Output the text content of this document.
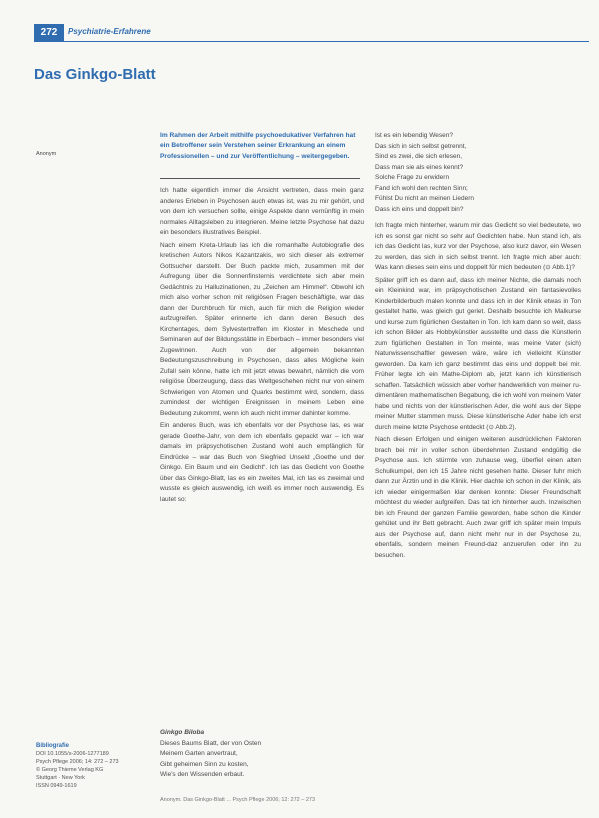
272	Psychiatrie-Erfahrene
Das Ginkgo-Blatt
Anonym

Im Rahmen der Arbeit mithilfe psychoedukativer Verfahren hat ein Betroffener sein Verstehen seiner Erkrankung an einem Professionellen – und zur Veröffentlichung – weitergegeben.

Ich hatte eigentlich immer die Ansicht vertreten, dass mein ganz anderes Erleben in Psychosen auch etwas ist, was zu mir gehört, und von dem ich versuchen sollte, einige Aspekte dann vernünftig in mein normales Alltagsleben zu integrieren. Meine letzte Psychose hat dazu ein besonders illustratives Beispiel.

Nach einem Kreta-Urlaub las ich die romanhafte Autobiografie des kretischen Autors Nikos Kazantzakis, wo sich dieser als extremer Gottsucher darstellt. Der Buch packte mich, zusammen mit der Aufregung über die Sonnenfinsternis verdichtete sich aber mein Gedächtnis zu Halluzinationen, zu „Zeichen am Himmel“. Obwohl ich mich also vorher schon mit religiösen Fragen beschäftigte, war das dann der Durchbruch für mich, auch für mich die Religion wieder aufzugreifen. Später erinnerte ich dann deren Besuch des Kirchentages, dem Sylvestertreffen im Kloster in Meschede und Seminaren auf der Bildungsstätte in Eberbach – immer besonders viel Zugewinnen. Auch von der allgemein bekannten Bedeutungszuschreibung in Psychosen, dass alles Mögliche kein Zufall sein könne, hatte ich mit jetzt etwas bewahrt, nämlich die vom religiöse Überzeugung, dass das Weltgeschehen nicht nur von einem Schwierigen von Atomen und Quarks bestimmt wird, sondern, dass zumindest der wichtigen Ereignissen in meinem Leben eine Bedeutung zukommt, wenn ich auch nicht immer dahinter komme.

Ein anderes Buch, was ich ebenfalls vor der Psychose las, es war gerade Goethe-Jahr, von dem ich ebenfalls gepackt war – ich war damals im präpsychotischen Zustand wohl auch empfänglich für Eindrücke – war das Buch von Siegfried Unseld „Goethe und der Ginkgo. Ein Baum und ein Gedicht“. Ich las das Gedicht von Goethe über das Ginkgo-Blatt, las es ein zweites Mal, ich las es zweimal und wusste es gleich auswendig, ich weiß es immer noch auswendig. Es lautet so:

Ginkgo Biloba

Dieses Baums Blatt, der von Osten

Meinem Garten anvertraut,

Gibt geheimen Sinn zu kosten,

Wie's den Wissenden erbaut.

Ist es ein lebendig Wesen?

Das sich in sich selbst getrennt,

Sind es zwei, die sich erlesen,

Dass man sie als eines kennt?

Solche Frage zu erwidern

Fand ich wohl den rechten Sinn;

Fühlst Du nicht an meinen Liedern

Dass ich eins und doppelt bin?

Ich fragte mich hinterher, warum mir das Gedicht so viel bedeutete, wo ich es sonst gar nicht so sehr auf Gedichten habe. Nun stand ich, als ich das Gedicht las, kurz vor der Psychose, also kurz davor, ein Wesen zu werden, das sich in sich selbst trennt. Ich fragte mich aber auch: Was kann dieses sein eins und doppelt für mich bedeuten (⊙ Abb.1)?

Später griff ich es dann auf, dass ich meiner Nichte, die damals noch ein Kleinkind war, im präpsychotischen Zustand ein fantasievolles Kinderbilderbuch malen konnte und dass ich in der Klinik etwas in Ton gestaltet hatte, was gleich gut geriet. Deshalb besuchte ich Malkurse und kurse zum figürlichen Gestalten in Ton. Ich kam dann so weit, dass ich schon Bilder als Hobbykünstler ausstellte und dass die Künstlerin zum figürlichen Gestalten in Ton meinte, was meine Vater (sich) Naturwissenschaftler gewesen wäre, wäre ich vielleicht Künstler geworden. Da kam ich ganz bestimmt das eins und doppelt bei mir. Früher legte ich ein Mathe-Diplom ab, jetzt kann ich künstlerisch schaffen. Tatsächlich wüssich aber vorher handwerklich von meiner ru-dimentären mathematischen Begabung, die ich wohl von meinem Vater habe und nichts von der künstlerischen Ader, die wohl aus der Sippe meiner Mutter stammen muss. Diese künstlerische Ader habe ich erst durch meine letzte Psychose entdeckt (⊙ Abb.2).

Nach diesen Erfolgen und einigen weiteren ausdrücklichen Faktoren brach bei mir in voller schon überdehnten Zustand endgültig die Psychose aus. Ich stürmte von zuhause weg, überfiel einen alten Schulkumpel, den ich 15 Jahre nicht gesehen hatte. Dieser fuhr mich dann zur Ärztin und in die Klinik. Hier dachte ich schon in der Klinik, als ich wieder einigermaßen klar denken konnte: Dieser Freundschaft möchtest du wieder aufgreifen. Das tat ich hinterher auch. Inzwischen bin ich Freund der ganzen Familie geworden, habe schon die Kinder gehütet und ihr Bett gebracht. Auch zwar griff ich später mein Impuls aus der Psychose auf, dann nicht mehr nur in der Psychose zu, ebenfalls, sondern meinen Freund-daz anzuerufen oder ihn zu besuchen.

Bibliografie

DOI 10.1055/s-2006-1277189

Psych Pflege 2006; 14: 272 – 273

© Georg Thieme Verlag KG

Stuttgart · New York

ISSN 0949-1619

Anonym. Das Ginkgo-Blatt ... Psych Pflege 2006; 12: 272 – 273
